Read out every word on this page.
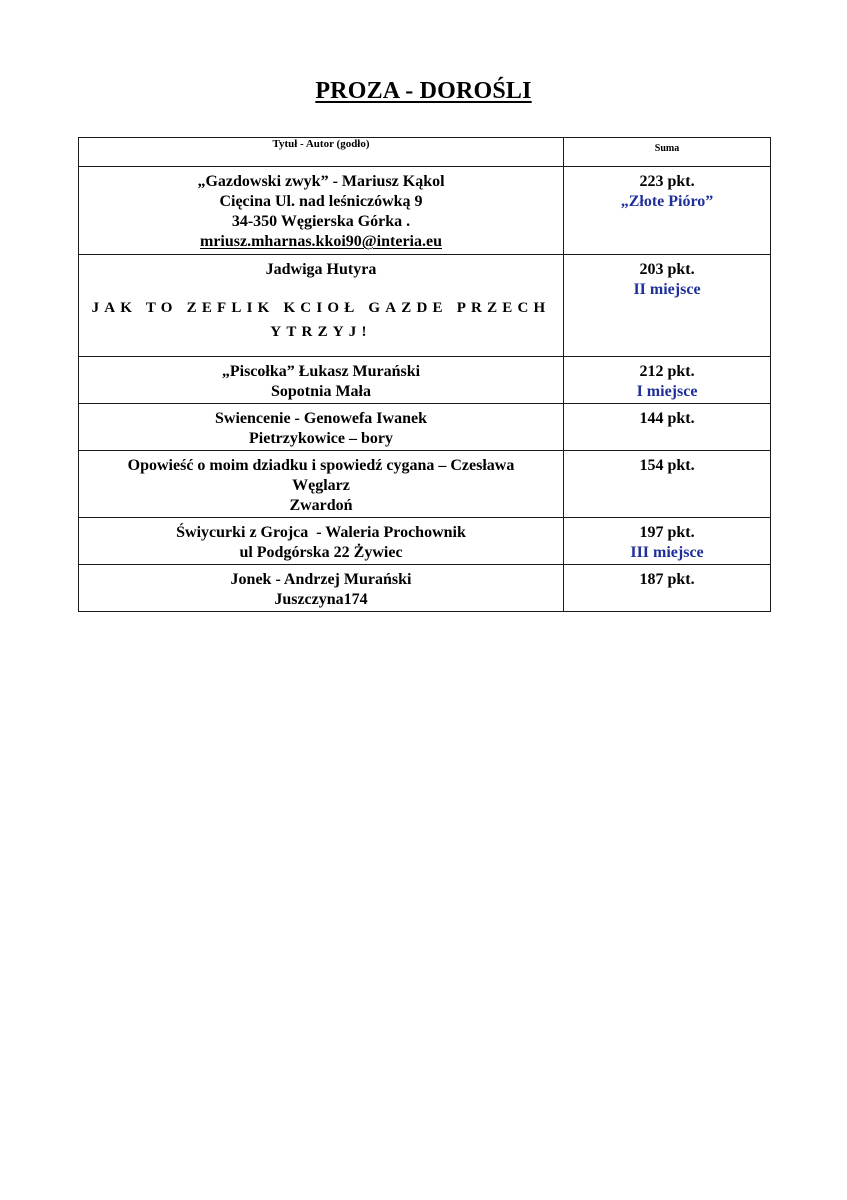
PROZA - DOROŚLI
Tytuł - Autor (godło)	Suma

„Gazdowski zwyk” - Mariusz Kąkol
Cięcina Ul. nad leśniczówką 9
34-350 Węgierska Górka .
mriusz.mharnas.kkoi90@interia.eu	223 pkt.
„Złote Pióro”

Jadwiga Hutyra
JAK TO ZEFLIK KCIOŁ GAZDE PRZECH YTRZYJ!	203 pkt.
II miejsce

„Piscołka” Łukasz Murański
Sopotnia Mała	212 pkt.
I miejsce

Swiencenie - Genowefa Iwanek
Pietrzykowice – bory	144 pkt.

Opowieść o moim dziadku i spowiedź cygana – Czesława Węglarz
Zwardoń	154 pkt.

Świycurki z Grojca  - Waleria Prochownik
ul Podgórska 22 Żywiec	197 pkt.
III miejsce

Jonek - Andrzej Murański
Juszczyna174	187 pkt.
